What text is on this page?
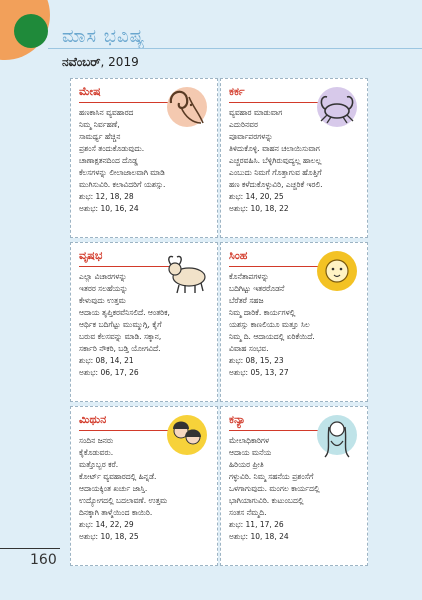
ಮಾಸ ಭವಿಷ್ಯ
ನವೆಂಬರ್, 2019
ಮೇಷ
ಹಣಕಾಸಿನ ವ್ಯವಹಾರದ
ನಿಮ್ಮ ನಿರ್ವಹಣೆ,
ಸಾಮರ್ಥ್ಯ ಹೆಚ್ಚಿನ
ಪ್ರಶಂಸೆ ತಂದುಕೊಡುವುದು.
ಚಾಣಾಕ್ಷತನದಿಂದ ದೊಡ್ಡ
ಕೆಲಸಗಳನ್ನು ಲೀಲಾಜಾಲವಾಗಿ ಮಾಡಿ
ಮುಗಿಸುವಿರಿ. ಕಲಾವಿದರಿಗೆ ಯಶಸ್ಸು.
ಶುಭ: 12, 18, 28
ಅಶುಭ: 10, 16, 24
ಕರ್ಕ
ವ್ಯವಹಾರ ಮಾಡುವಾಗ
ಎದುರಿನವರ
ಪೂರ್ವಾಪರಗಳನ್ನು
ತಿಳಿದುಕೊಳ್ಳಿ. ವಾಹನ ಚಲಾಯಿಸುವಾಗ
ಎಚ್ಚರವಹಿಸಿ. ಬೆಳ್ಳಿಗಿರುವುದ್ಯಲ್ಲ ಹಾಲಲ್ಲ
ಎಂಬುದು ನಿಮಗೆ ಗೊತ್ತಾಗುವ ಹೊತ್ತಿಗೆ
ಹಣ ಕಳೆದುಕೊಳ್ಳುವಿರಿ, ಎಚ್ಚರಿಕೆ ಇರಲಿ.
ಶುಭ: 14, 20, 25
ಅಶುಭ: 10, 18, 22
ವೃಷಭ
ಎಲ್ಲಾ ವಿಚಾರಗಳನ್ನು
ಇತರರ ಸಲಹೆಯನ್ನು
ಕೇಳುವುದು ಉತ್ತಮ
ಆದಾಯ ತೃಪ್ತಿಕರವೆನಿಸಲಿದೆ. ಆಂತರಿಕ,
ಆರ್ಥಿಕ ಬದಿಗೆಟ್ಟು ಮುಮ್ಮುಗ್ಗಿ, ಕೈಗೆ
ಬರುವ ಕೆಲಸವನ್ನು ಮಾಡಿ. ಸಕ್ಕಾನ,
ಸರ್ಕಾರಿ ನೌಕರಿ, ಬಡ್ತಿ ಯೋಗವಿದೆ.
ಶುಭ: 08, 14, 21
ಅಶುಭ: 06, 17, 26
ಸಿಂಹ
ಕೊನೆತಾಪಗಳನ್ನು
ಬದಿಗಿಟ್ಟು ಇತರರೊಡನೆ
ಬೆರೆತರೆ ಸಹಜ
ನಿಮ್ಮ ದಾರಿಕೆ. ಕಾರ್ಯಗಳಲ್ಲಿ
ಯಶಸ್ಸು ಕಾಣಲಿಯೂ ಮತ್ತೂ ಸಿಲ
ನಿಮ್ಮ ದಿ. ಆದಾಯದಲ್ಲಿ ಏರಿಕೆಯಿದೆ.
ವಿವಾಹ ಸಂಭವ.
ಶುಭ: 08, 15, 23
ಅಶುಭ: 05, 13, 27
ಮಿಥುನ
ಸಂದಿನ ಜನರು
ಕೈಕೊಡುವರು.
ಮತ್ತೊಬ್ಬರ ಕರೆ.
ಕೋರ್ಟ್ ವ್ಯವಹಾರದಲ್ಲಿ ಹಿನ್ನಡೆ.
ಆದಾಯಕ್ಕಿಂತ ಖರ್ಚು ಜಾಸ್ತಿ.
ಉದ್ಯೋಗದಲ್ಲಿ ಬದಲಾವಣೆ. ಉತ್ತಮ
ದಿನಕ್ಕಾಗಿ ತಾಳ್ಮೆಯಿಂದ ಕಾಯಿರಿ.
ಶುಭ: 14, 22, 29
ಅಶುಭ: 10, 18, 25
ಕನ್ಯಾ
ಮೇಲಾಧಿಕಾರಿಗಳ
ಆದಾಯ ಮನೆಯ
ಹಿರಿಯರ ಪ್ರೀತಿ
ಗಳ್ಳುವಿರಿ. ನಿಮ್ಮ ಸಹನೆಯ ಪ್ರಶಂಸೆಗೆ
ಒಳಗಾಗುವುದು. ಮಂಗಲ ಕಾರ್ಯದಲ್ಲಿ
ಭಾಗಿಯಾಗುವಿರಿ. ಕುಟುಂಬದಲ್ಲಿ
ಸಂತಸ ನೆಮ್ಮದಿ.
ಶುಭ: 11, 17, 26
ಅಶುಭ: 10, 18, 24
160
